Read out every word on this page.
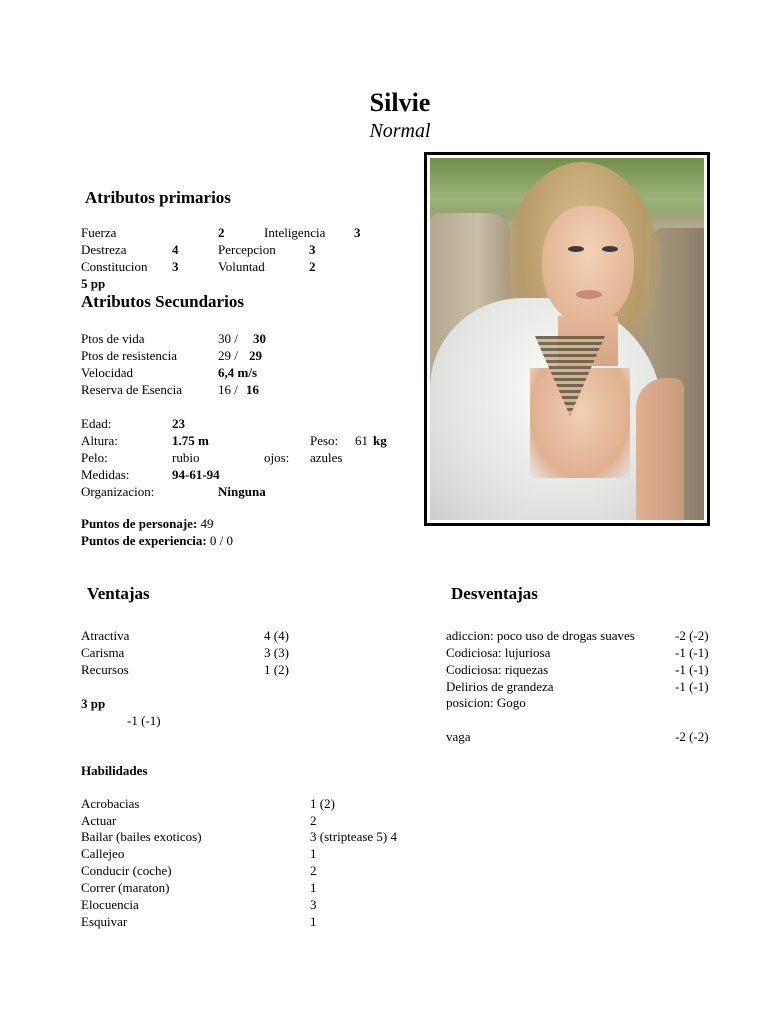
Silvie
Normal
Atributos primarios
Fuerza	2	Inteligencia 3
Destreza	4	Percepcion	3
Constitucion 3	Voluntad	2
5 pp
Atributos Secundarios
Ptos de vida	30 / 30
Ptos de resistencia	29 / 29
Velocidad	6,4 m/s
Reserva de Esencia	16 / 16
Edad:	23
Altura:	1.75 m	Peso: 61 kg
Pelo:	rubio	ojos: azules
Medidas:	94-61-94
Organizacion:	Ninguna
Puntos de personaje: 49
Puntos de experiencia: 0 / 0
Ventajas
Atractiva	4 (4)
Carisma	3 (3)
Recursos	1 (2)
3 pp
-1 (-1)
Desventajas
adiccion: poco uso de drogas suaves	-2 (-2)
Codiciosa: lujuriosa	-1 (-1)
Codiciosa: riquezas	-1 (-1)
Delirios de grandeza	-1 (-1)
posicion: Gogo
vaga	-2 (-2)
Habilidades
Acrobacias	1 (2)
Actuar	2
Bailar (bailes exoticos)	3 (striptease 5) 4
Callejeo	1
Conducir (coche)	2
Correr (maraton)	1
Elocuencia	3
Esquivar	1
